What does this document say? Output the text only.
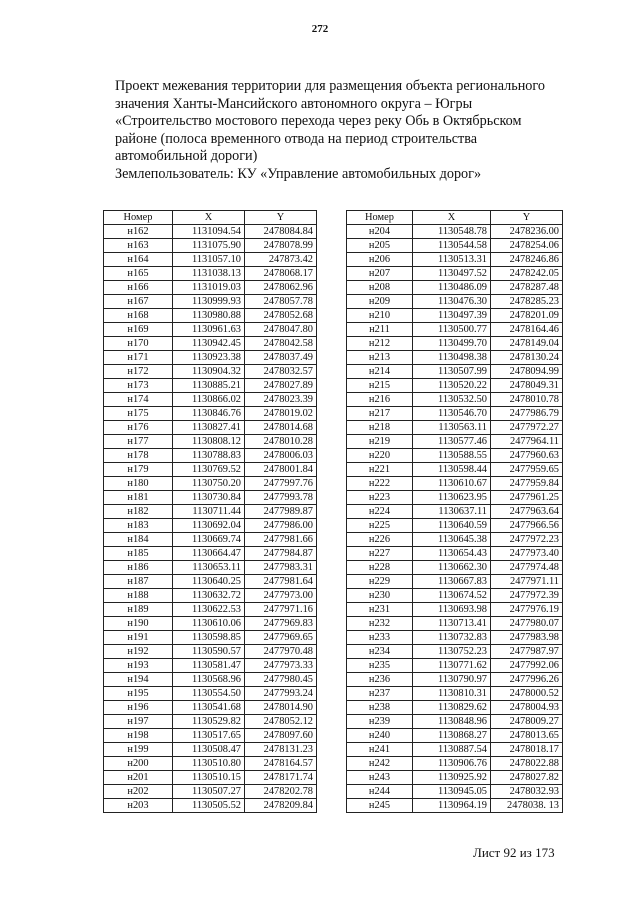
272

Проект межевания территории для размещения объекта регионального

значения Ханты-Мансийского автономного округа – Югры

«Строительство мостового перехода через реку Обь в Октябрьском

районе (полоса временного отвода на период строительства

автомобильной дороги)

Землепользователь: КУ «Управление автомобильных дорог»

Номер	X	Y
н162	1131094.54	2478084.84
н163	1131075.90	2478078.99
н164	1131057.10	247873.42
н165	1131038.13	2478068.17
н166	1131019.03	2478062.96
н167	1130999.93	2478057.78
н168	1130980.88	2478052.68
н169	1130961.63	2478047.80
н170	1130942.45	2478042.58
н171	1130923.38	2478037.49
н172	1130904.32	2478032.57
н173	1130885.21	2478027.89
н174	1130866.02	2478023.39
н175	1130846.76	2478019.02
н176	1130827.41	2478014.68
н177	1130808.12	2478010.28
н178	1130788.83	2478006.03
н179	1130769.52	2478001.84
н180	1130750.20	2477997.76
н181	1130730.84	2477993.78
н182	1130711.44	2477989.87
н183	1130692.04	2477986.00
н184	1130669.74	2477981.66
н185	1130664.47	2477984.87
н186	1130653.11	2477983.31
н187	1130640.25	2477981.64
н188	1130632.72	2477973.00
н189	1130622.53	2477971.16
н190	1130610.06	2477969.83
н191	1130598.85	2477969.65
н192	1130590.57	2477970.48
н193	1130581.47	2477973.33
н194	1130568.96	2477980.45
н195	1130554.50	2477993.24
н196	1130541.68	2478014.90
н197	1130529.82	2478052.12
н198	1130517.65	2478097.60
н199	1130508.47	2478131.23
н200	1130510.80	2478164.57
н201	1130510.15	2478171.74
н202	1130507.27	2478202.78
н203	1130505.52	2478209.84
Номер	X	Y
н204	1130548.78	2478236.00
н205	1130544.58	2478254.06
н206	1130513.31	2478246.86
н207	1130497.52	2478242.05
н208	1130486.09	2478287.48
н209	1130476.30	2478285.23
н210	1130497.39	2478201.09
н211	1130500.77	2478164.46
н212	1130499.70	2478149.04
н213	1130498.38	2478130.24
н214	1130507.99	2478094.99
н215	1130520.22	2478049.31
н216	1130532.50	2478010.78
н217	1130546.70	2477986.79
н218	1130563.11	2477972.27
н219	1130577.46	2477964.11
н220	1130588.55	2477960.63
н221	1130598.44	2477959.65
н222	1130610.67	2477959.84
н223	1130623.95	2477961.25
н224	1130637.11	2477963.64
н225	1130640.59	2477966.56
н226	1130645.38	2477972.23
н227	1130654.43	2477973.40
н228	1130662.30	2477974.48
н229	1130667.83	2477971.11
н230	1130674.52	2477972.39
н231	1130693.98	2477976.19
н232	1130713.41	2477980.07
н233	1130732.83	2477983.98
н234	1130752.23	2477987.97
н235	1130771.62	2477992.06
н236	1130790.97	2477996.26
н237	1130810.31	2478000.52
н238	1130829.62	2478004.93
н239	1130848.96	2478009.27
н240	1130868.27	2478013.65
н241	1130887.54	2478018.17
н242	1130906.76	2478022.88
н243	1130925.92	2478027.82
н244	1130945.05	2478032.93
н245	1130964.19	2478038. 13
Лист 92 из 173
